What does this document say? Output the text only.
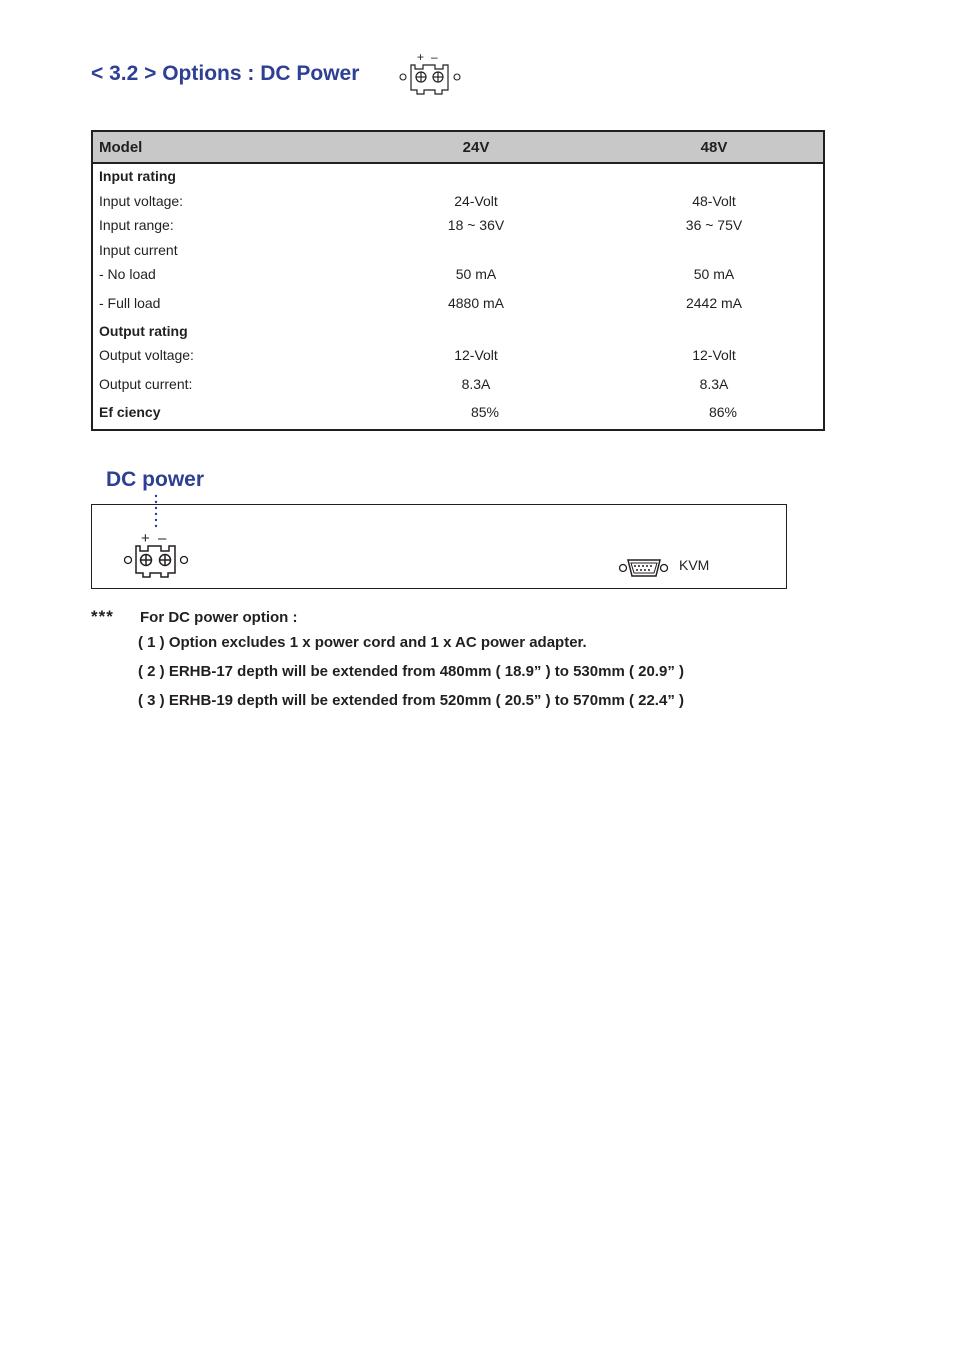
< 3.2 > Options : DC Power
+ –
Model	24V	48V
Input rating		
Input voltage:	24-Volt	48-Volt
Input range:	18 ~ 36V	36 ~ 75V
Input current		
- No load	50 mA	50 mA
- Full load	4880 mA	2442 mA
Output rating		
Output voltage:	12-Volt	12-Volt
Output current:	8.3A	8.3A
Ef ciency	85%	86%
DC power
+ –
KVM
*** For DC power option :
( 1 ) Option excludes 1 x power cord and 1 x AC power adapter.
( 2 ) ERHB-17 depth will be extended from 480mm ( 18.9” ) to 530mm ( 20.9” )
( 3 ) ERHB-19 depth will be extended from 520mm ( 20.5” ) to 570mm ( 22.4” )
